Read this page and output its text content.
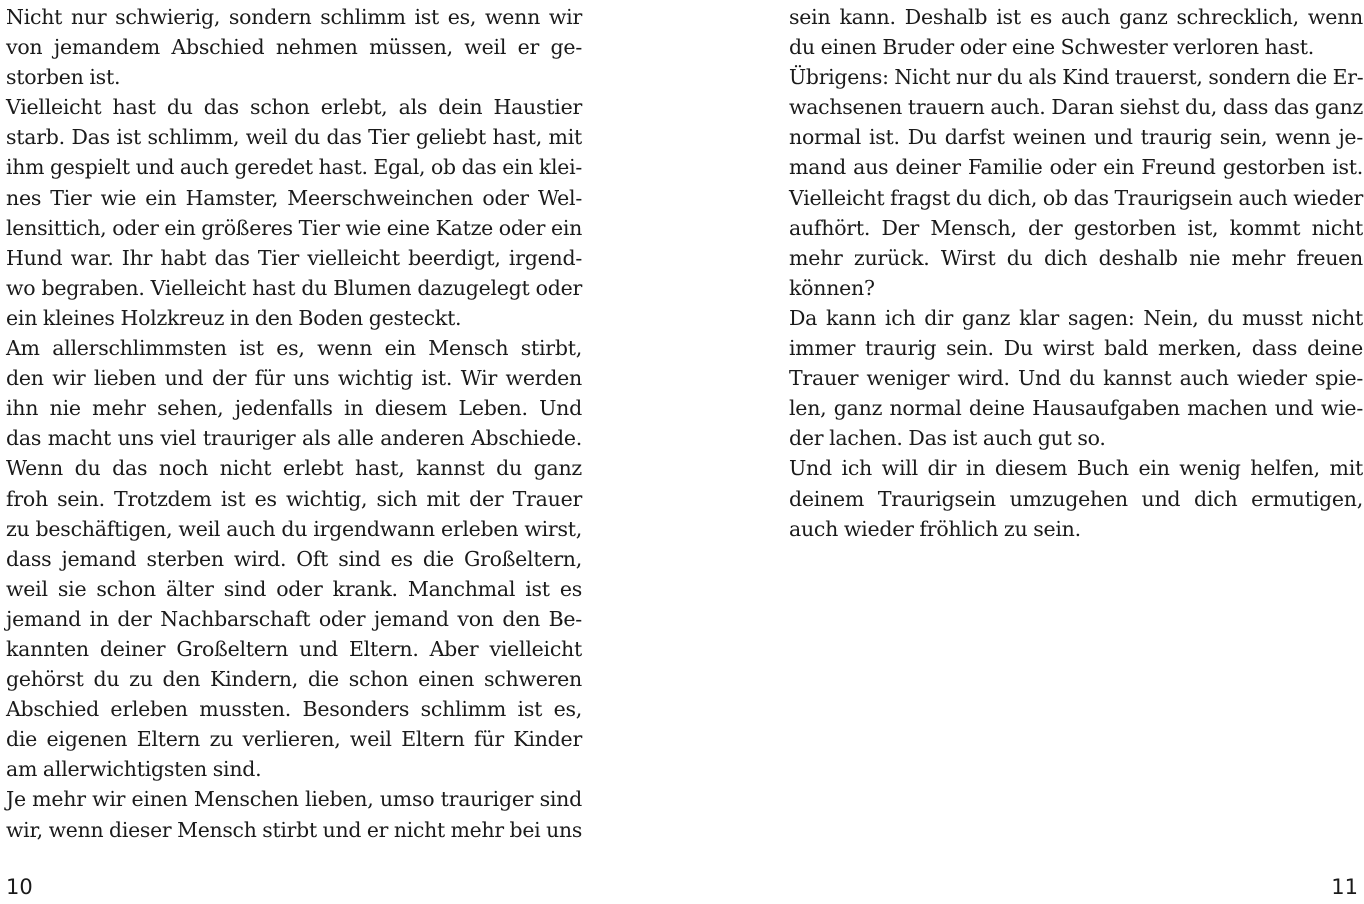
Nicht nur schwierig, sondern schlimm ist es, wenn wir
von jemandem Abschied nehmen müssen, weil er ge-
storben ist.
Vielleicht hast du das schon erlebt, als dein Haustier
starb. Das ist schlimm, weil du das Tier geliebt hast, mit
ihm gespielt und auch geredet hast. Egal, ob das ein klei-
nes Tier wie ein Hamster, Meerschweinchen oder Wel-
lensittich, oder ein größeres Tier wie eine Katze oder ein
Hund war. Ihr habt das Tier vielleicht beerdigt, irgend-
wo begraben. Vielleicht hast du Blumen dazugelegt oder
ein kleines Holzkreuz in den Boden gesteckt.
Am allerschlimmsten ist es, wenn ein Mensch stirbt,
den wir lieben und der für uns wichtig ist. Wir werden
ihn nie mehr sehen, jedenfalls in diesem Leben. Und
das macht uns viel trauriger als alle anderen Abschiede.
Wenn du das noch nicht erlebt hast, kannst du ganz
froh sein. Trotzdem ist es wichtig, sich mit der Trauer
zu beschäftigen, weil auch du irgendwann erleben wirst,
dass jemand sterben wird. Oft sind es die Großeltern,
weil sie schon älter sind oder krank. Manchmal ist es
jemand in der Nachbarschaft oder jemand von den Be-
kannten deiner Großeltern und Eltern. Aber vielleicht
gehörst du zu den Kindern, die schon einen schweren
Abschied erleben mussten. Besonders schlimm ist es,
die eigenen Eltern zu verlieren, weil Eltern für Kinder
am allerwichtigsten sind.
Je mehr wir einen Menschen lieben, umso trauriger sind
wir, wenn dieser Mensch stirbt und er nicht mehr bei uns
sein kann. Deshalb ist es auch ganz schrecklich, wenn
du einen Bruder oder eine Schwester verloren hast.
Übrigens: Nicht nur du als Kind trauerst, sondern die Er-
wachsenen trauern auch. Daran siehst du, dass das ganz
normal ist. Du darfst weinen und traurig sein, wenn je-
mand aus deiner Familie oder ein Freund gestorben ist.
Vielleicht fragst du dich, ob das Traurigsein auch wieder
aufhört. Der Mensch, der gestorben ist, kommt nicht
mehr zurück. Wirst du dich deshalb nie mehr freuen
können?
Da kann ich dir ganz klar sagen: Nein, du musst nicht
immer traurig sein. Du wirst bald merken, dass deine
Trauer weniger wird. Und du kannst auch wieder spie-
len, ganz normal deine Hausaufgaben machen und wie-
der lachen. Das ist auch gut so.
Und ich will dir in diesem Buch ein wenig helfen, mit
deinem Traurigsein umzugehen und dich ermutigen,
auch wieder fröhlich zu sein.
10	11
